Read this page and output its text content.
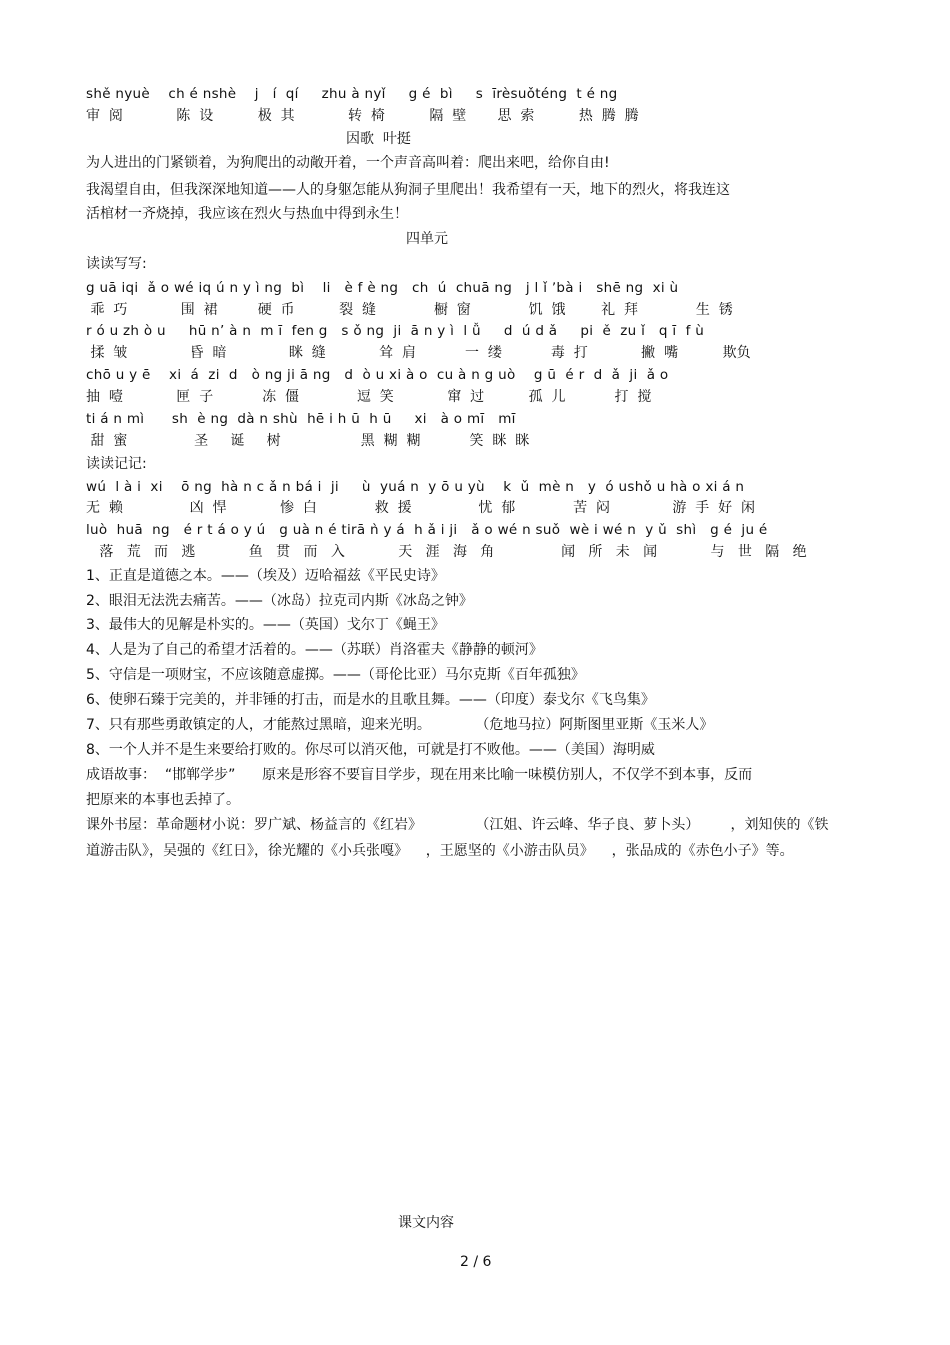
shě nyuè    ch é nshè    j   í  qí     zhu à nyǐ     g é  bì     s  īrèsuǒténg  t é ng
审  阅            陈  设          极  其            转  椅          隔  壁       思  索          热  腾  腾
因歌  叶挺
为人进出的门紧锁着，为狗爬出的动敞开着，一个声音高叫着：爬出来吧，给你自由!
我渴望自由，但我深深地知道——人的身躯怎能从狗洞子里爬出！我希望有一天，地下的烈火，将我连这
活棺材一齐烧掉，我应该在烈火与热血中得到永生！
四单元
读读写写:
g uā iqi  ǎ o wé iq ú n y ì ng  bì    li   è f è ng   ch  ú  chuā ng   j l ǐ ʼbà i   shē ng  xi ù
乖  巧            围  裙         硬  币          裂  缝             橱  窗             饥  饿        礼  拜             生  锈
r ó u zh ò u     hū n’ à n  m ī  fen g   s ǒ ng  ji  ā n y ì  l ǚ     d  ú d ǎ     pi  ě  zu ǐ   q ī  f ù
揉  皱              昏  暗              眯  缝            耸  肩           一  缕           毒  打            撇  嘴          欺负
chō u y ē    xi  á  zi  d   ò ng ji ā ng   d  ò u xi à o  cu à n g uò    g ū  é r  d  ǎ  ji  ǎ o
抽  噎            匣  子           冻  僵             逗  笑            窜  过          孤  儿           打  搅
ti á n mì      sh  è ng  dà n shù  hē i h ū  h ū     xi   à o mī   mī
甜  蜜               圣     诞     树                  黑  糊  糊           笑  眯  眯
读读记记:
wú  l à i  xi    ō ng  hà n c ǎ n bá i  ji     ù  yuá n  y ō u yù    k  ǔ  mè n   y  ó ushǒ u hà o xi á n
无  赖               凶  悍            惨  白             救  援               忧  郁             苦  闷              游  手  好  闲
luò  huā  ng   é r t á o y ú   g uà n é tirā ǹ y á  h ǎ i ji   ǎ o wé n suǒ  wè i wé n  y ǔ  shì   g é  ju é
落   荒   而   逃            鱼   贯   而   入            天   涯   海   角               闻   所   未   闻            与   世   隔   绝
1、正直是道德之本。——（埃及）迈哈福兹《平民史诗》
2、眼泪无法洗去痛苦。——（冰岛）拉克司内斯《冰岛之钟》
3、最伟大的见解是朴实的。——（英国）戈尔丁《蝇王》
4、人是为了自己的希望才活着的。——（苏联）肖洛霍夫《静静的顿河》
5、守信是一项财宝，不应该随意虚掷。——（哥伦比亚）马尔克斯《百年孤独》
6、使卵石臻于完美的，并非锤的打击，而是水的且歌且舞。——（印度）泰戈尔《飞鸟集》
7、只有那些勇敢镇定的人，才能熬过黑暗，迎来光明。          （危地马拉）阿斯图里亚斯《玉米人》
8、一个人并不是生来要给打败的。你尽可以消灭他，可就是打不败他。——（美国）海明威
成语故事：  “邯郸学步”      原来是形容不要盲目学步，现在用来比喻一味模仿别人，不仅学不到本事，反而
把原来的本事也丢掉了。
课外书屋：革命题材小说：罗广斌、杨益言的《红岩》            （江姐、许云峰、华子良、萝卜头）       ，刘知侠的《铁
道游击队》，吴强的《红日》，徐光耀的《小兵张嘎》    ，王愿坚的《小游击队员》    ，张品成的《赤色小子》等。
课文内容
2 / 6
